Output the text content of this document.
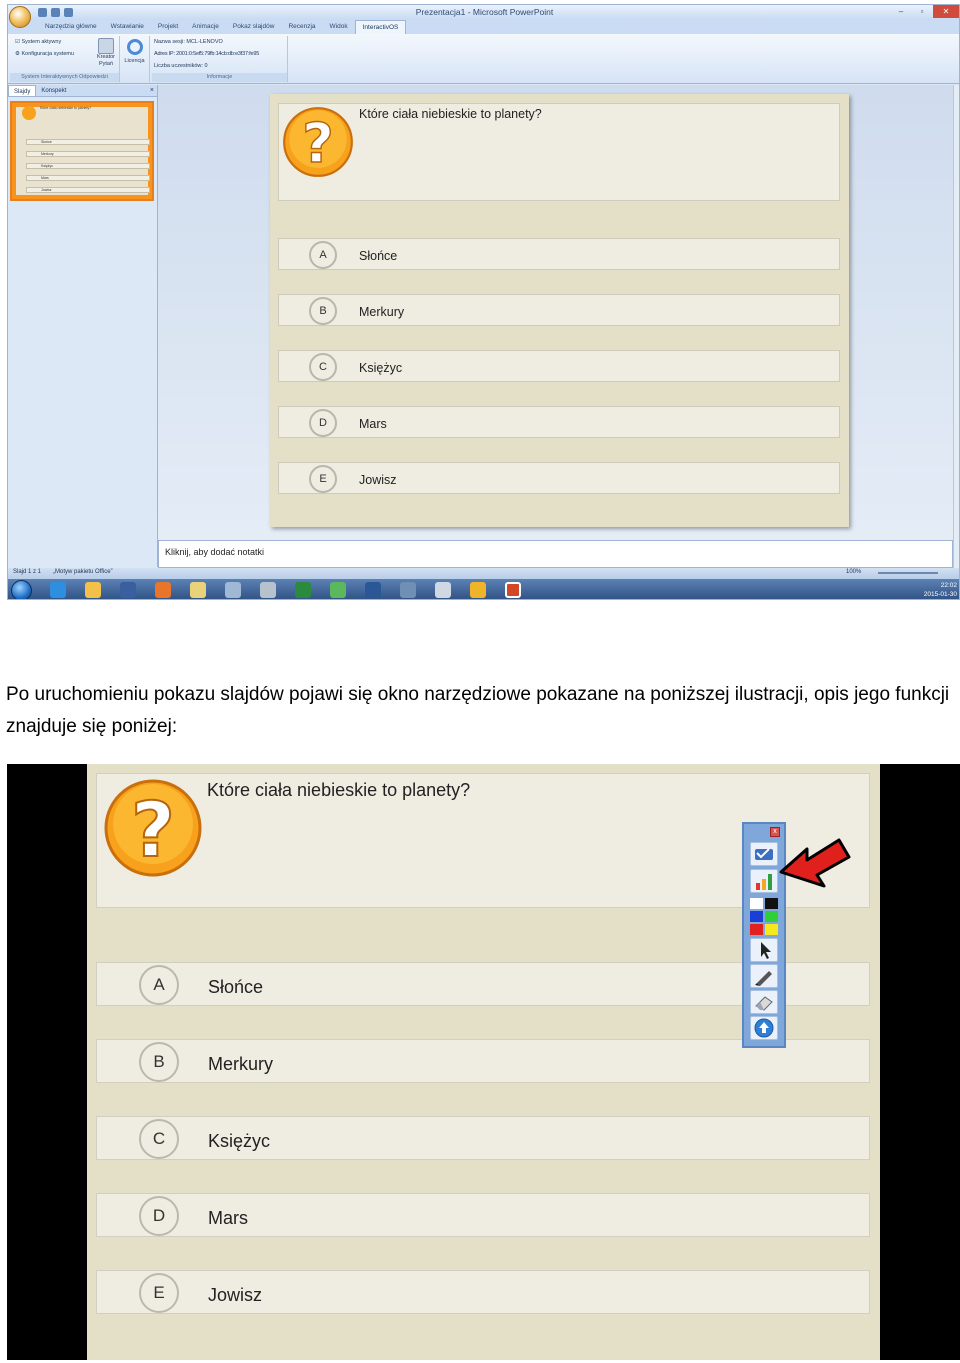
Prezentacja1 - Microsoft PowerPoint	–	▫	✕
Narzędzia główne	Wstawianie	Projekt	Animacje	Pokaz slajdów	Recenzja	Widok	InteractivOS
☑ System aktywny
⚙ Konfiguracja systemu	Kreator
Pytań
System Interaktywnych Odpowiedzi
Licencja
Nazwa sesji: MCL-LENOVO
Adres IP: 2001:0:5ef5:79fb:14cb:db:e3f37:fe95
Liczba uczestników: 0
Informacje
Slajdy	Konspekt	×
Które ciała niebieskie to planety?
Słońce
Merkury
Księżyc
Mars
Jowisz
? Które ciała niebieskie to planety?
A	Słońce
B	Merkury
C	Księżyc
D	Mars
E	Jowisz
Kliknij, aby dodać notatki
Slajd 1 z 1 „Motyw pakietu Office”	100%
22:02
2015-01-30
Po uruchomieniu pokazu slajdów pojawi się okno narzędziowe pokazane na poniższej ilustracji, opis jego funkcji znajduje się poniżej:
? Które ciała niebieskie to planety?
A	Słońce
B	Merkury
C	Księżyc
D	Mars
E	Jowisz
x
